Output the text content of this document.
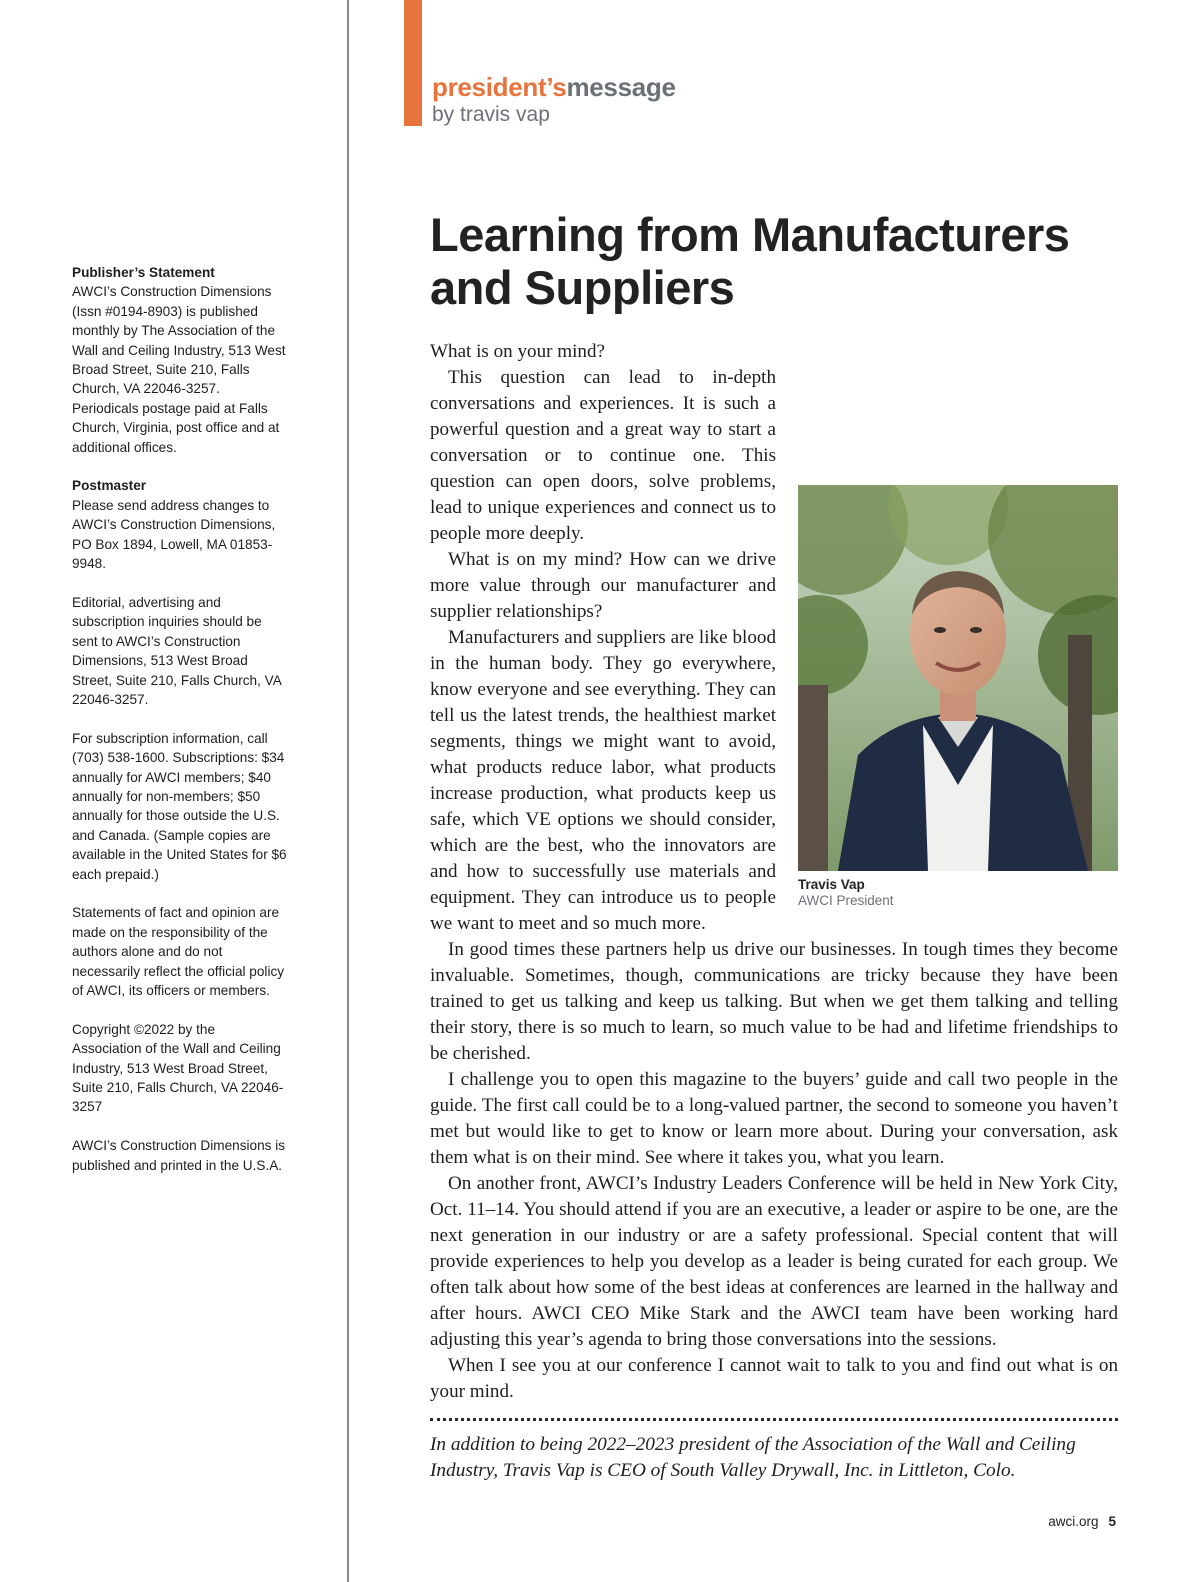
Publisher’s Statement
AWCI’s Construction Dimensions (Issn #0194-8903) is published monthly by The Association of the Wall and Ceiling Industry, 513 West Broad Street, Suite 210, Falls Church, VA 22046-3257. Periodicals postage paid at Falls Church, Virginia, post office and at additional offices.
Postmaster
Please send address changes to AWCI’s Construction Dimensions, PO Box 1894, Lowell, MA 01853-9948.
Editorial, advertising and subscription inquiries should be sent to AWCI’s Construction Dimensions, 513 West Broad Street, Suite 210, Falls Church, VA 22046-3257.
For subscription information, call (703) 538-1600. Subscriptions: $34 annually for AWCI members; $40 annually for non-members; $50 annually for those outside the U.S. and Canada. (Sample copies are available in the United States for $6 each prepaid.)
Statements of fact and opinion are made on the responsibility of the authors alone and do not necessarily reflect the official policy of AWCI, its officers or members.
Copyright ©2022 by the Association of the Wall and Ceiling Industry, 513 West Broad Street, Suite 210, Falls Church, VA 22046-3257
AWCI’s Construction Dimensions is published and printed in the U.S.A.
president’smessage
by travis vap
Learning from Manufacturers and Suppliers
Travis Vap
AWCI President

What is on your mind?

This question can lead to in-depth conversations and experiences. It is such a powerful question and a great way to start a conversation or to continue one. This question can open doors, solve problems, lead to unique experiences and connect us to people more deeply.

What is on my mind? How can we drive more value through our manufacturer and supplier relationships?

Manufacturers and suppliers are like blood in the human body. They go everywhere, know everyone and see everything. They can tell us the latest trends, the healthiest market segments, things we might want to avoid, what products reduce labor, what products increase production, what products keep us safe, which VE options we should consider, which are the best, who the innovators are and how to successfully use materials and equipment. They can introduce us to people we want to meet and so much more.

In good times these partners help us drive our businesses. In tough times they become invaluable. Sometimes, though, communications are tricky because they have been trained to get us talking and keep us talking. But when we get them talking and telling their story, there is so much to learn, so much value to be had and lifetime friendships to be cherished.

I challenge you to open this magazine to the buyers’ guide and call two people in the guide. The first call could be to a long-valued partner, the second to someone you haven’t met but would like to get to know or learn more about. During your conversation, ask them what is on their mind. See where it takes you, what you learn.

On another front, AWCI’s Industry Leaders Conference will be held in New York City, Oct. 11–14. You should attend if you are an executive, a leader or aspire to be one, are the next generation in our industry or are a safety professional. Special content that will provide experiences to help you develop as a leader is being curated for each group. We often talk about how some of the best ideas at conferences are learned in the hallway and after hours. AWCI CEO Mike Stark and the AWCI team have been working hard adjusting this year’s agenda to bring those conversations into the sessions.

When I see you at our conference I cannot wait to talk to you and find out what is on your mind.

In addition to being 2022–2023 president of the Association of the Wall and Ceiling Industry, Travis Vap is CEO of South Valley Drywall, Inc. in Littleton, Colo.
awci.org 5
